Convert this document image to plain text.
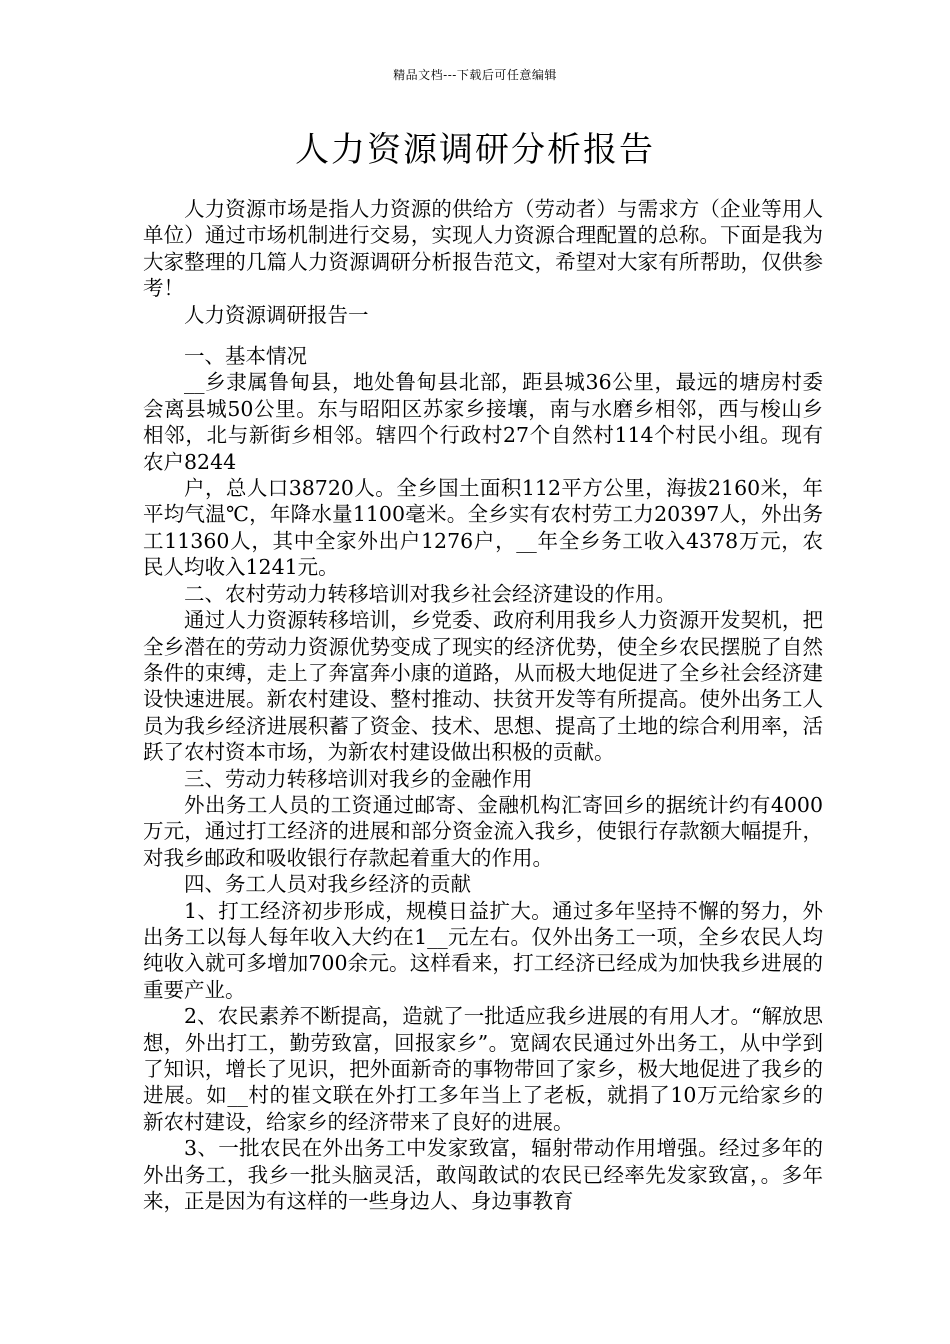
精品文档---下载后可任意编辑
人力资源调研分析报告

人力资源市场是指人力资源的供给方（劳动者）与需求方（企业等用人单位）通过市场机制进行交易，实现人力资源合理配置的总称。下面是我为大家整理的几篇人力资源调研分析报告范文，希望对大家有所帮助，仅供参考！

人力资源调研报告一

一、基本情况

__乡隶属鲁甸县，地处鲁甸县北部，距县城36公里，最远的塘房村委会离县城50公里。东与昭阳区苏家乡接壤，南与水磨乡相邻，西与梭山乡相邻，北与新街乡相邻。辖四个行政村27个自然村114个村民小组。现有农户8244

户，总人口38720人。全乡国土面积112平方公里，海拔2160米，年平均气温℃，年降水量1100毫米。全乡实有农村劳工力20397人，外出务工11360人，其中全家外出户1276户，__年全乡务工收入4378万元，农民人均收入1241元。

二、农村劳动力转移培训对我乡社会经济建设的作用。

通过人力资源转移培训，乡党委、政府利用我乡人力资源开发契机，把全乡潜在的劳动力资源优势变成了现实的经济优势，使全乡农民摆脱了自然条件的束缚，走上了奔富奔小康的道路，从而极大地促进了全乡社会经济建设快速进展。新农村建设、整村推动、扶贫开发等有所提高。使外出务工人员为我乡经济进展积蓄了资金、技术、思想、提高了土地的综合利用率，活跃了农村资本市场，为新农村建设做出积极的贡献。

三、劳动力转移培训对我乡的金融作用

外出务工人员的工资通过邮寄、金融机构汇寄回乡的据统计约有4000万元，通过打工经济的进展和部分资金流入我乡，使银行存款额大幅提升，对我乡邮政和吸收银行存款起着重大的作用。

四、务工人员对我乡经济的贡献

1、打工经济初步形成，规模日益扩大。通过多年坚持不懈的努力，外出务工以每人每年收入大约在1__元左右。仅外出务工一项，全乡农民人均纯收入就可多增加700余元。这样看来，打工经济已经成为加快我乡进展的重要产业。

2、农民素养不断提高，造就了一批适应我乡进展的有用人才。“解放思想，外出打工，勤劳致富，回报家乡”。宽阔农民通过外出务工，从中学到了知识，增长了见识，把外面新奇的事物带回了家乡，极大地促进了我乡的进展。如__村的崔文联在外打工多年当上了老板，就捐了10万元给家乡的新农村建设，给家乡的经济带来了良好的进展。

3、一批农民在外出务工中发家致富，辐射带动作用增强。经过多年的外出务工，我乡一批头脑灵活，敢闯敢试的农民已经率先发家致富，。多年来，正是因为有这样的一些身边人、身边事教育
